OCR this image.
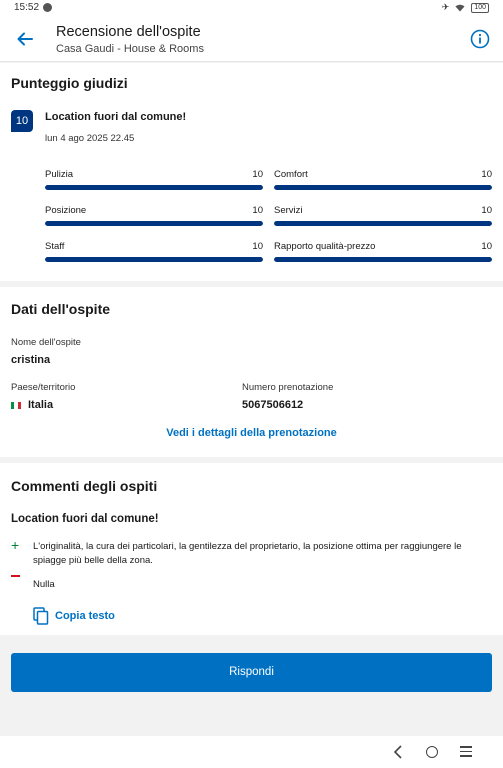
15:52	✈	100
Recensione dell'ospite
Casa Gaudi - House & Rooms
Punteggio giudizi
10	Location fuori dal comune!
lun 4 ago 2025 22.45
Pulizia	10 Comfort	10
Posizione	10 Servizi	10
Staff	10 Rapporto qualità-prezzo	10
Dati dell'ospite
Nome dell'ospite
cristina
Paese/territorio
Italia
Numero prenotazione
5067506612
Vedi i dettagli della prenotazione
Commenti degli ospiti
Location fuori dal comune!
+ L'originalità, la cura dei particolari, la gentilezza del proprietario, la posizione ottima per raggiungere le spiagge più belle della zona.
Nulla
Copia testo
Rispondi
